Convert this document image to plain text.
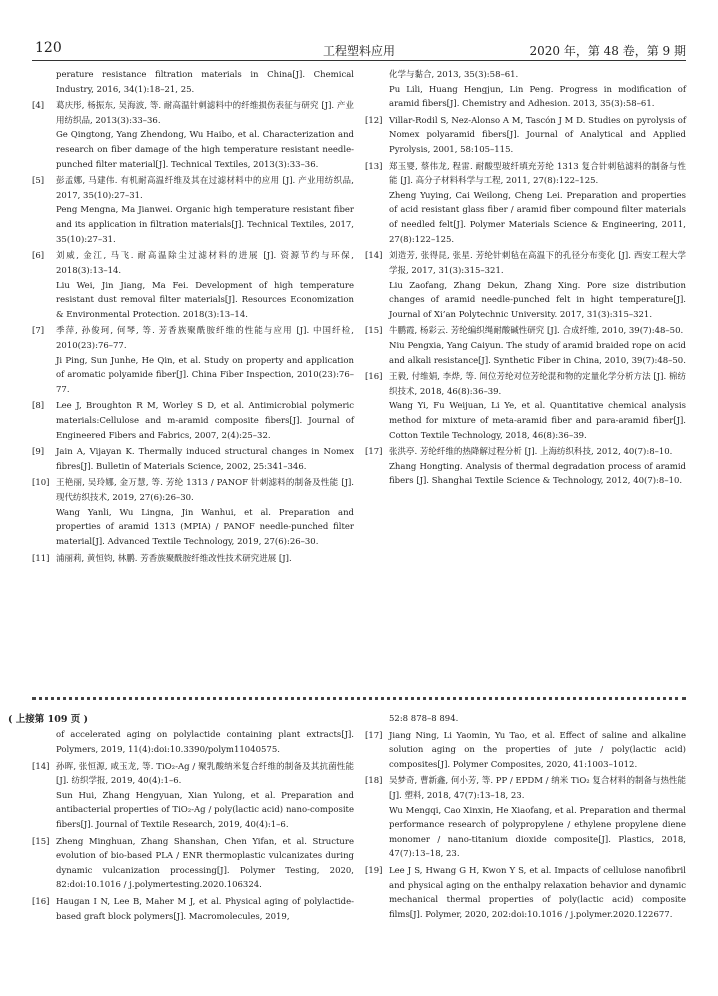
120	工程塑料应用	2020 年，第 48 卷，第 9 期
perature resistance filtration materials in China[J]. Chemical Industry, 2016, 34(1):18–21, 25.
[4] 葛庆彤, 杨振东, 吴海波, 等. 耐高温针刺滤料中的纤维损伤表征与研究 [J]. 产业用纺织品, 2013(3):33–36.
Ge Qingtong, Yang Zhendong, Wu Haibo, et al. Characterization and research on fiber damage of the high temperature resistant needle-punched filter material[J]. Technical Textiles, 2013(3):33–36.
[5] 彭孟娜, 马建伟. 有机耐高温纤维及其在过滤材料中的应用 [J]. 产业用纺织品, 2017, 35(10):27–31.
Peng Mengna, Ma Jianwei. Organic high temperature resistant fiber and its application in filtration materials[J]. Technical Textiles, 2017, 35(10):27–31.
[6] 刘威, 金江, 马飞. 耐高温除尘过滤材料的进展 [J]. 资源节约与环保, 2018(3):13–14.
Liu Wei, Jin Jiang, Ma Fei. Development of high temperature resistant dust removal filter materials[J]. Resources Economization & Environmental Protection. 2018(3):13–14.
[7] 季萍, 孙俊珂, 何琴, 等. 芳香族聚酰胺纤维的性能与应用 [J]. 中国纤检, 2010(23):76–77.
Ji Ping, Sun Junhe, He Qin, et al. Study on property and application of aromatic polyamide fiber[J]. China Fiber Inspection, 2010(23):76–77.
[8] Lee J, Broughton R M, Worley S D, et al. Antimicrobial polymeric materials:Cellulose and m-aramid composite fibers[J]. Journal of Engineered Fibers and Fabrics, 2007, 2(4):25–32.
[9] Jain A, Vijayan K. Thermally induced structural changes in Nomex fibres[J]. Bulletin of Materials Science, 2002, 25:341–346.
[10] 王艳丽, 吴玲娜, 金万慧, 等. 芳纶 1313 / PANOF 针刺滤料的制备及性能 [J]. 现代纺织技术, 2019, 27(6):26–30.
Wang Yanli, Wu Lingna, Jin Wanhui, et al. Preparation and properties of aramid 1313 (MPIA) / PANOF needle-punched filter material[J]. Advanced Textile Technology, 2019, 27(6):26–30.
[11] 浦丽莉, 黄恒钧, 林鹏. 芳香族聚酰胺纤维改性技术研究进展 [J].
化学与黏合, 2013, 35(3):58–61.
Pu Lili, Huang Hengjun, Lin Peng. Progress in modification of aramid fibers[J]. Chemistry and Adhesion. 2013, 35(3):58–61.
[12] Villar-Rodil S, Nez-Alonso A M, Tascón J M D. Studies on pyrolysis of Nomex polyaramid fibers[J]. Journal of Analytical and Applied Pyrolysis, 2001, 58:105–115.
[13] 郑玉婴, 蔡伟龙, 程雷. 耐酸型玻纤填充芳纶 1313 复合针刺毡滤料的制备与性能 [J]. 高分子材料科学与工程, 2011, 27(8):122–125.
Zheng Yuying, Cai Weilong, Cheng Lei. Preparation and properties of acid resistant glass fiber / aramid fiber compound filter materials of needled felt[J]. Polymer Materials Science & Engineering, 2011, 27(8):122–125.
[14] 刘造芳, 张得昆, 张星. 芳纶针刺毡在高温下的孔径分布变化 [J]. 西安工程大学学报, 2017, 31(3):315–321.
Liu Zaofang, Zhang Dekun, Zhang Xing. Pore size distribution changes of aramid needle-punched felt in hight temperature[J]. Journal of Xi’an Polytechnic University. 2017, 31(3):315–321.
[15] 牛鹏霞, 杨彩云. 芳纶编织绳耐酸碱性研究 [J]. 合成纤维, 2010, 39(7):48–50.
Niu Pengxia, Yang Caiyun. The study of aramid braided rope on acid and alkali resistance[J]. Synthetic Fiber in China, 2010, 39(7):48–50.
[16] 王毅, 付维娟, 李烨, 等. 间位芳纶对位芳纶混和物的定量化学分析方法 [J]. 棉纺织技术, 2018, 46(8):36–39.
Wang Yi, Fu Weijuan, Li Ye, et al. Quantitative chemical analysis method for mixture of meta-aramid fiber and para-aramid fiber[J]. Cotton Textile Technology, 2018, 46(8):36–39.
[17] 张洪亭. 芳纶纤维的热降解过程分析 [J]. 上海纺织科技, 2012, 40(7):8–10.
Zhang Hongting. Analysis of thermal degradation process of aramid fibers [J]. Shanghai Textile Science & Technology, 2012, 40(7):8–10.
( 上接第 109 页 )
of accelerated aging on polylactide containing plant extracts[J]. Polymers, 2019, 11(4):doi:10.3390/polym11040575.
[14] 孙晖, 张恒源, 咸玉龙, 等. TiO₂-Ag / 聚乳酸纳米复合纤维的制备及其抗菌性能 [J]. 纺织学报, 2019, 40(4):1–6.
Sun Hui, Zhang Hengyuan, Xian Yulong, et al. Preparation and antibacterial properties of TiO₂-Ag / poly(lactic acid) nano-composite fibers[J]. Journal of Textile Research, 2019, 40(4):1–6.
[15] Zheng Minghuan, Zhang Shanshan, Chen Yifan, et al. Structure evolution of bio-based PLA / ENR thermoplastic vulcanizates during dynamic vulcanization processing[J]. Polymer Testing, 2020, 82:doi:10.1016 / j.polymertesting.2020.106324.
[16] Haugan I N, Lee B, Maher M J, et al. Physical aging of polylactide-based graft block polymers[J]. Macromolecules, 2019,
52:8 878–8 894.
[17] Jiang Ning, Li Yaomin, Yu Tao, et al. Effect of saline and alkaline solution aging on the properties of jute / poly(lactic acid) composites[J]. Polymer Composites, 2020, 41:1003–1012.
[18] 吴梦奇, 曹新鑫, 何小芳, 等. PP / EPDM / 纳米 TiO₂ 复合材料的制备与热性能 [J]. 塑料, 2018, 47(7):13–18, 23.
Wu Mengqi, Cao Xinxin, He Xiaofang, et al. Preparation and thermal performance research of polypropylene / ethylene propylene diene monomer / nano-titanium dioxide composite[J]. Plastics, 2018, 47(7):13–18, 23.
[19] Lee J S, Hwang G H, Kwon Y S, et al. Impacts of cellulose nanofibril and physical aging on the enthalpy relaxation behavior and dynamic mechanical thermal properties of poly(lactic acid) composite films[J]. Polymer, 2020, 202:doi:10.1016 / j.polymer.2020.122677.
